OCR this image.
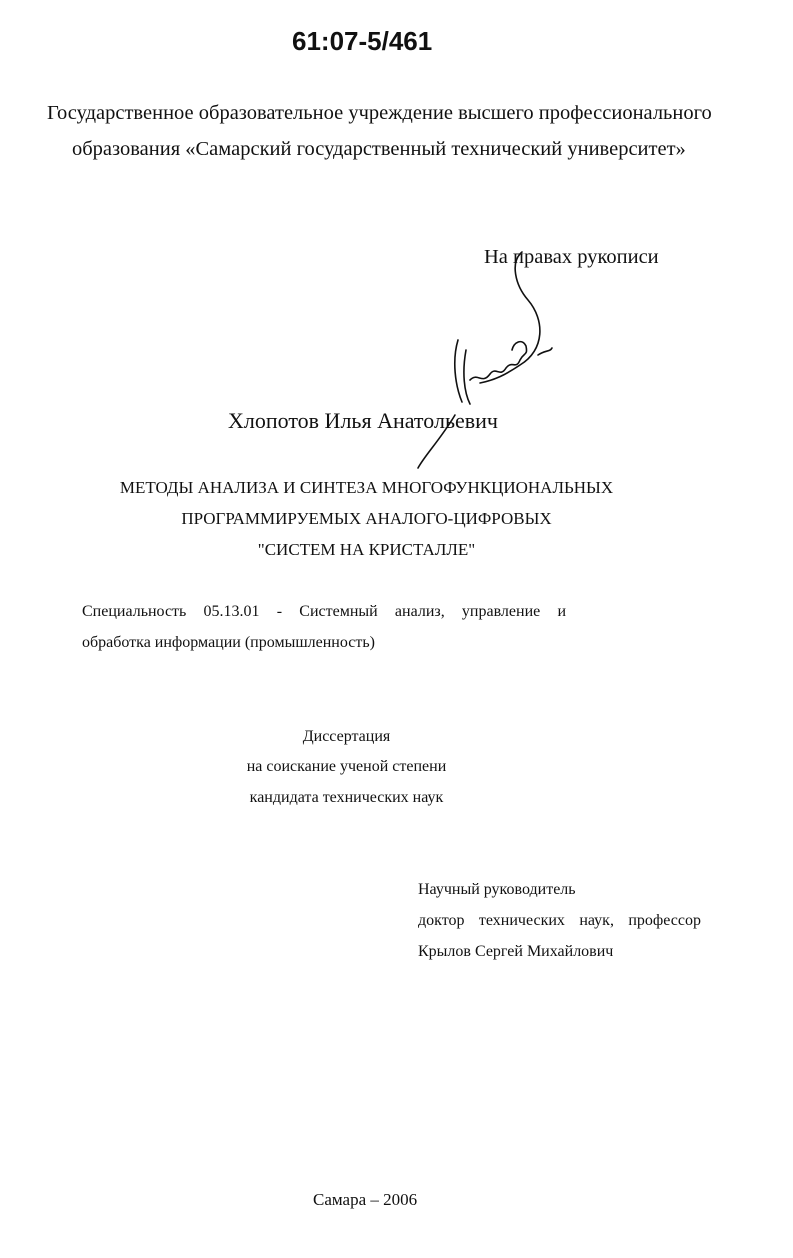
61:07-5/461

Государственное образовательное учреждение высшего профессионального

образования «Самарский государственный технический университет»

На правах рукописи

Хлопотов Илья Анатольевич

МЕТОДЫ АНАЛИЗА И СИНТЕЗА МНОГОФУНКЦИОНАЛЬНЫХ

ПРОГРАММИРУЕМЫХ АНАЛОГО-ЦИФРОВЫХ

"СИСТЕМ НА КРИСТАЛЛЕ"

Специальность 05.13.01 - Системный анализ, управление и

обработка информации (промышленность)

Диссертация

на соискание ученой степени

кандидата технических наук

Научный руководитель

доктор технических наук, профессор

Крылов Сергей Михайлович

Самара – 2006
